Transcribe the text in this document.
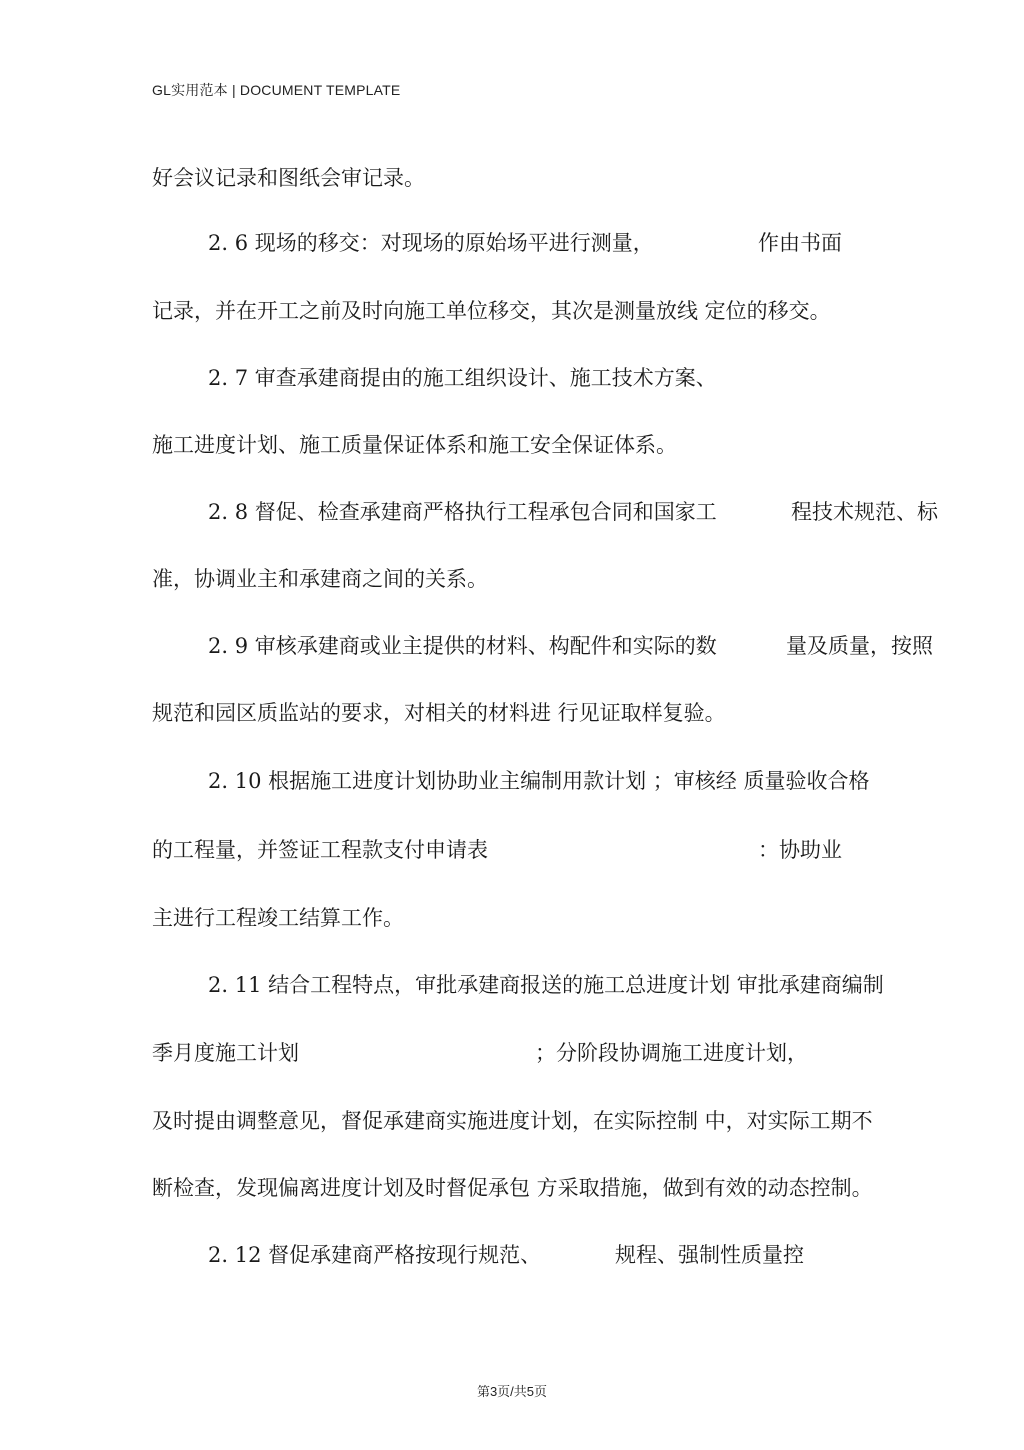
GL实用范本 | DOCUMENT TEMPLATE
好会议记录和图纸会审记录。
2. 6 现场的移交：对现场的原始场平进行测量，	作由书面
记录，并在开工之前及时向施工单位移交，其次是测量放线 定位的移交。
2. 7 审查承建商提由的施工组织设计、施工技术方案、
施工进度计划、施工质量保证体系和施工安全保证体系。
2. 8 督促、检查承建商严格执行工程承包合同和国家工	程技术规范、标
准，协调业主和承建商之间的关系。
2. 9 审核承建商或业主提供的材料、构配件和实际的数	量及质量，按照
规范和园区质监站的要求，对相关的材料进 行见证取样复验。
2. 10 根据施工进度计划协助业主编制用款计划 ；审核经 质量验收合格
的工程量，并签证工程款支付申请表	：协助业
主进行工程竣工结算工作。
2. 11 结合工程特点，审批承建商报送的施工总进度计划 审批承建商编制
季月度施工计划	；分阶段协调施工进度计划，
及时提由调整意见，督促承建商实施进度计划，在实际控制 中，对实际工期不
断检查，发现偏离进度计划及时督促承包 方采取措施，做到有效的动态控制。
2. 12 督促承建商严格按现行规范、	规程、强制性质量控
第3页/共5页
